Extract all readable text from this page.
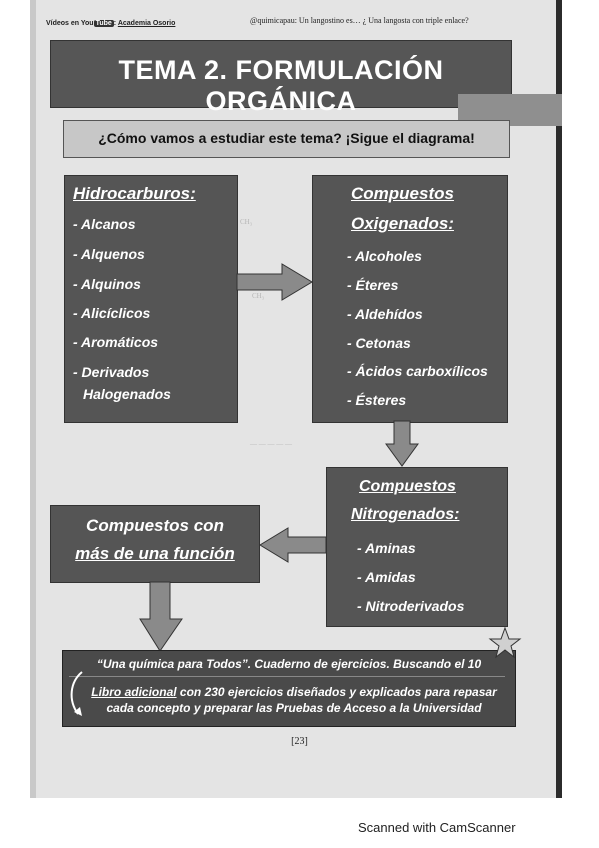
CH₃
CH₃
— — — — —
Vídeos en You Tube : Academia Osorio	@quimicapau: Un langostino es… ¿ Una langosta con triple enlace?
TEMA 2. FORMULACIÓN ORGÁNICA
¿Cómo vamos a estudiar este tema? ¡Sigue el diagrama!
Hidrocarburos:
- Alcanos
- Alquenos
- Alquinos
- Alicíclicos
- Aromáticos
- Derivados
Halogenados
Compuestos
Oxigenados:
- Alcoholes
- Éteres
- Aldehídos
- Cetonas
- Ácidos carboxílicos
- Ésteres
Compuestos
Nitrogenados:
- Aminas
- Amidas
- Nitroderivados
Compuestos con
más de una función
“Una química para Todos”. Cuaderno de ejercicios. Buscando el 10
Libro adicional con 230 ejercicios diseñados y explicados para repasar
cada concepto y preparar las Pruebas de Acceso a la Universidad
[23]
Scanned with CamScanner
